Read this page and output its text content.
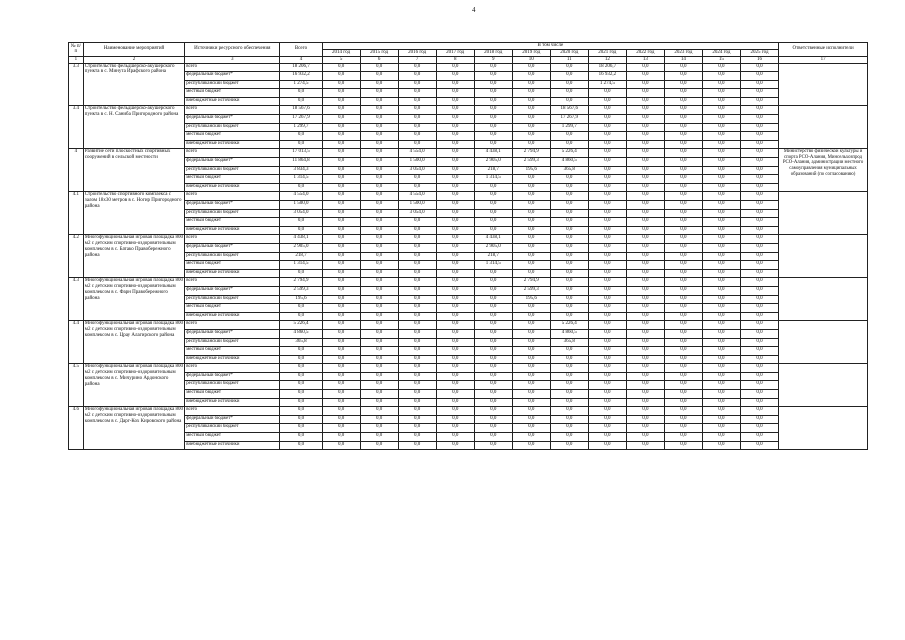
4
№ п/п	Наименование мероприятий	Источники ресурсного обеспечения	Всего	В том числе												Ответственные исполнители
				2014 год	2015 год	2016 год	2017 год	2018 год	2019 год	2020 год	2021 год	2022 год	2023 год	2024 год	2025 год	
1	2	3	4	5	6	7	8	9	10	11	12	13	14	15	16	17
3.3	Строительство фельдшерско-акушерского пункта в с. Минута Ирафского района	всего	18 206,7	0,0	0,0	0,0	0,0	0,0	0,0	0,0	18 206,7	0,0	0,0	0,0	0,0	
		федеральный бюджет*	16 932,2	0,0	0,0	0,0	0,0	0,0	0,0	0,0	16 932,2	0,0	0,0	0,0	0,0	
		республиканский бюджет	1 274,5	0,0	0,0	0,0	0,0	0,0	0,0	0,0	1 274,5	0,0	0,0	0,0	0,0	
		местный бюджет	0,0	0,0	0,0	0,0	0,0	0,0	0,0	0,0	0,0	0,0	0,0	0,0	0,0	
		внебюджетные источники	0,0	0,0	0,0	0,0	0,0	0,0	0,0	0,0	0,0	0,0	0,0	0,0	0,0	
3.4	Строительство фельдшерско-акушерского пункта в с. Н. Саниба Пригородного района	всего	18 567,6	0,0	0,0	0,0	0,0	0,0	0,0	18 567,6	0,0	0,0	0,0	0,0	0,0	
		федеральный бюджет*	17 267,9	0,0	0,0	0,0	0,0	0,0	0,0	17 267,9	0,0	0,0	0,0	0,0	0,0	
		республиканский бюджет	1 299,7	0,0	0,0	0,0	0,0	0,0	0,0	1 299,7	0,0	0,0	0,0	0,0	0,0	
		местный бюджет	0,0	0,0	0,0	0,0	0,0	0,0	0,0	0,0	0,0	0,0	0,0	0,0	0,0	
		внебюджетные источники	0,0	0,0	0,0	0,0	0,0	0,0	0,0	0,0	0,0	0,0	0,0	0,0	0,0	
4	Развитие сети плоскостных спортивных сооружений в сельской местности	всего	17 013,5	0,0	0,0	4 554,0	0,0	4 438,1	2 794,9	5 226,4	0,0	0,0	0,0	0,0	0,0	Министерство физической культуры и спорта РСО-Алания, Минсельхозпрод РСО-Алания, администрации местного самоуправления муниципальных образований (по согласованию)
		федеральный бюджет*	11 864,8	0,0	0,0	1 500,0	0,0	2 905,0	2 599,3	4 860,5	0,0	0,0	0,0	0,0	0,0	
		республиканский бюджет	3 834,3	0,0	0,0	3 054,0	0,0	218,7	195,6	365,8	0,0	0,0	0,0	0,0	0,0	
		местный бюджет	1 314,5	0,0	0,0	0,0	0,0	1 314,5	0,0	0,0	0,0	0,0	0,0	0,0	0,0	
		внебюджетные источники	0,0	0,0	0,0	0,0	0,0	0,0	0,0	0,0	0,0	0,0	0,0	0,0	0,0	
4.1	Строительство спортивного комплекса с залом 18х30 метров в с. Ногир Пригородного района	всего	4 554,0	0,0	0,0	4 554,0	0,0	0,0	0,0	0,0	0,0	0,0	0,0	0,0	0,0	
		федеральный бюджет*	1 500,0	0,0	0,0	1 500,0	0,0	0,0	0,0	0,0	0,0	0,0	0,0	0,0	0,0	
		республиканский бюджет	3 054,0	0,0	0,0	3 054,0	0,0	0,0	0,0	0,0	0,0	0,0	0,0	0,0	0,0	
		местный бюджет	0,0	0,0	0,0	0,0	0,0	0,0	0,0	0,0	0,0	0,0	0,0	0,0	0,0	
		внебюджетные источники	0,0	0,0	0,0	0,0	0,0	0,0	0,0	0,0	0,0	0,0	0,0	0,0	0,0	
4.2	Многофункциональная игровая площадка 800 м2 с детским спортивно-оздоровительным комплексом в с. Батако Правобережного района	всего	4 438,1	0,0	0,0	0,0	0,0	4 438,1	0,0	0,0	0,0	0,0	0,0	0,0	0,0	
		федеральный бюджет*	2 905,0	0,0	0,0	0,0	0,0	2 905,0	0,0	0,0	0,0	0,0	0,0	0,0	0,0	
		республиканский бюджет	218,7	0,0	0,0	0,0	0,0	218,7	0,0	0,0	0,0	0,0	0,0	0,0	0,0	
		местный бюджет	1 314,5	0,0	0,0	0,0	0,0	1 314,5	0,0	0,0	0,0	0,0	0,0	0,0	0,0	
		внебюджетные источники	0,0	0,0	0,0	0,0	0,0	0,0	0,0	0,0	0,0	0,0	0,0	0,0	0,0	
4.3	Многофункциональная игровая площадка 800 м2 с детским спортивно-оздоровительным комплексом в с. Фарн Правобережного района	всего	2 794,9	0,0	0,0	0,0	0,0	0,0	2 794,9	0,0	0,0	0,0	0,0	0,0	0,0	
		федеральный бюджет*	2 599,3	0,0	0,0	0,0	0,0	0,0	2 599,3	0,0	0,0	0,0	0,0	0,0	0,0	
		республиканский бюджет	195,6	0,0	0,0	0,0	0,0	0,0	195,6	0,0	0,0	0,0	0,0	0,0	0,0	
		местный бюджет	0,0	0,0	0,0	0,0	0,0	0,0	0,0	0,0	0,0	0,0	0,0	0,0	0,0	
		внебюджетные источники	0,0	0,0	0,0	0,0	0,0	0,0	0,0	0,0	0,0	0,0	0,0	0,0	0,0	
4.4	Многофункциональная игровая площадка 800 м2 с детским спортивно-оздоровительным комплексом в с. Црау Алагирского района	всего	5 226,4	0,0	0,0	0,0	0,0	0,0	0,0	5 226,4	0,0	0,0	0,0	0,0	0,0	
		федеральный бюджет*	4 860,5	0,0	0,0	0,0	0,0	0,0	0,0	4 860,5	0,0	0,0	0,0	0,0	0,0	
		республиканский бюджет	365,8	0,0	0,0	0,0	0,0	0,0	0,0	365,8	0,0	0,0	0,0	0,0	0,0	
		местный бюджет	0,0	0,0	0,0	0,0	0,0	0,0	0,0	0,0	0,0	0,0	0,0	0,0	0,0	
		внебюджетные источники	0,0	0,0	0,0	0,0	0,0	0,0	0,0	0,0	0,0	0,0	0,0	0,0	0,0	
4.5	Многофункциональная игровая площадка 800 м2 с детским спортивно-оздоровительным комплексом в с. Мичурино Ардонского района	всего	0,0	0,0	0,0	0,0	0,0	0,0	0,0	0,0	0,0	0,0	0,0	0,0	0,0	
		федеральный бюджет*	0,0	0,0	0,0	0,0	0,0	0,0	0,0	0,0	0,0	0,0	0,0	0,0	0,0	
		республиканский бюджет	0,0	0,0	0,0	0,0	0,0	0,0	0,0	0,0	0,0	0,0	0,0	0,0	0,0	
		местный бюджет	0,0	0,0	0,0	0,0	0,0	0,0	0,0	0,0	0,0	0,0	0,0	0,0	0,0	
		внебюджетные источники	0,0	0,0	0,0	0,0	0,0	0,0	0,0	0,0	0,0	0,0	0,0	0,0	0,0	
4.6	Многофункциональная игровая площадка 800 м2 с детским спортивно-оздоровительным комплексом в с. Дарг-Кох Кировского района	всего	0,0	0,0	0,0	0,0	0,0	0,0	0,0	0,0	0,0	0,0	0,0	0,0	0,0	
		федеральный бюджет*	0,0	0,0	0,0	0,0	0,0	0,0	0,0	0,0	0,0	0,0	0,0	0,0	0,0	
		республиканский бюджет	0,0	0,0	0,0	0,0	0,0	0,0	0,0	0,0	0,0	0,0	0,0	0,0	0,0	
		местный бюджет	0,0	0,0	0,0	0,0	0,0	0,0	0,0	0,0	0,0	0,0	0,0	0,0	0,0	
		внебюджетные источники	0,0	0,0	0,0	0,0	0,0	0,0	0,0	0,0	0,0	0,0	0,0	0,0	0,0	
